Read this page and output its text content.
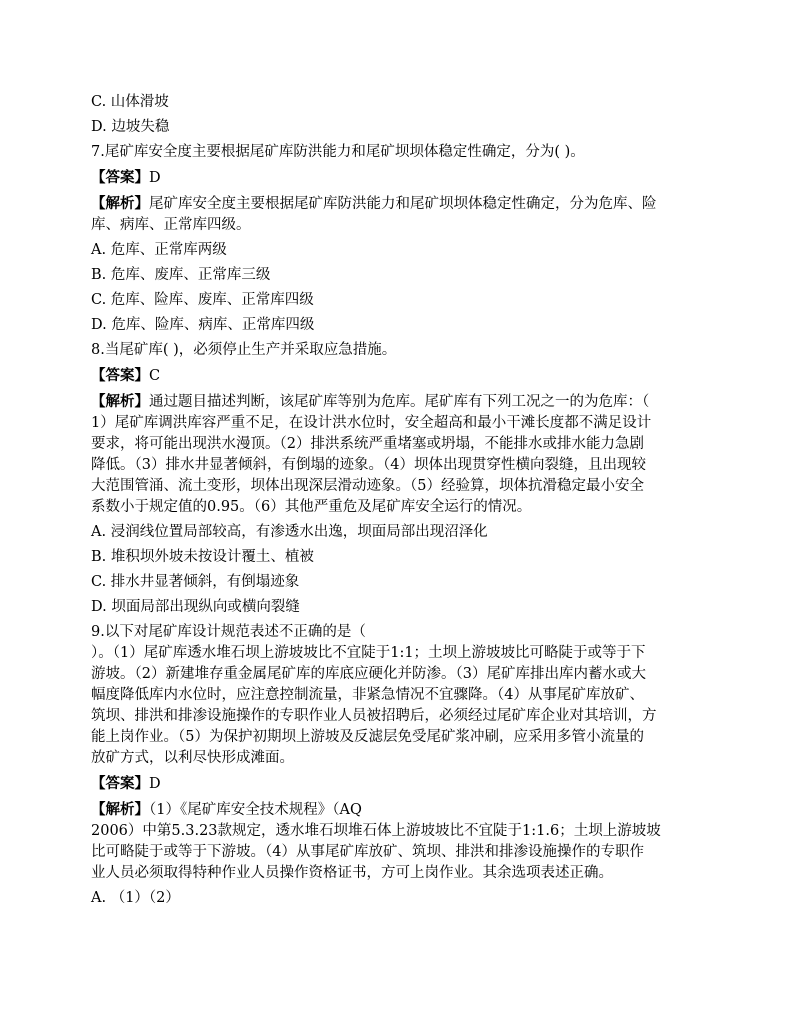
C. 山体滑坡

D. 边坡失稳

7.尾矿库安全度主要根据尾矿库防洪能力和尾矿坝坝体稳定性确定，分为( )。

【答案】D

【解析】尾矿库安全度主要根据尾矿库防洪能力和尾矿坝坝体稳定性确定，分为危库、险
库、病库、正常库四级。

A. 危库、正常库两级

B. 危库、废库、正常库三级

C. 危库、险库、废库、正常库四级

D. 危库、险库、病库、正常库四级

8.当尾矿库( )，必须停止生产并采取应急措施。

【答案】C

【解析】通过题目描述判断，该尾矿库等别为危库。尾矿库有下列工况之一的为危库：（
1）尾矿库调洪库容严重不足，在设计洪水位时，安全超高和最小干滩长度都不满足设计
要求，将可能出现洪水漫顶。（2）排洪系统严重堵塞或坍塌，不能排水或排水能力急剧
降低。（3）排水井显著倾斜，有倒塌的迹象。（4）坝体出现贯穿性横向裂缝，且出现较
大范围管涌、流土变形，坝体出现深层滑动迹象。（5）经验算，坝体抗滑稳定最小安全
系数小于规定值的0.95。（6）其他严重危及尾矿库安全运行的情况。

A. 浸润线位置局部较高，有渗透水出逸，坝面局部出现沼泽化

B. 堆积坝外坡未按设计覆土、植被

C. 排水井显著倾斜，有倒塌迹象

D. 坝面局部出现纵向或横向裂缝

9.以下对尾矿库设计规范表述不正确的是（
）。（1）尾矿库透水堆石坝上游坡坡比不宜陡于1:1；土坝上游坡坡比可略陡于或等于下
游坡。（2）新建堆存重金属尾矿库的库底应硬化并防渗。（3）尾矿库排出库内蓄水或大
幅度降低库内水位时，应注意控制流量，非紧急情况不宜骤降。（4）从事尾矿库放矿、
筑坝、排洪和排渗设施操作的专职作业人员被招聘后，必须经过尾矿库企业对其培训，方
能上岗作业。（5）为保护初期坝上游坡及反滤层免受尾矿浆冲刷，应采用多管小流量的
放矿方式，以利尽快形成滩面。

【答案】D

【解析】（1）《尾矿库安全技术规程》（AQ
2006）中第5.3.23款规定，透水堆石坝堆石体上游坡坡比不宜陡于1:1.6；土坝上游坡坡
比可略陡于或等于下游坡。（4）从事尾矿库放矿、筑坝、排洪和排渗设施操作的专职作
业人员必须取得特种作业人员操作资格证书，方可上岗作业。其余选项表述正确。

A. （1）（2）
